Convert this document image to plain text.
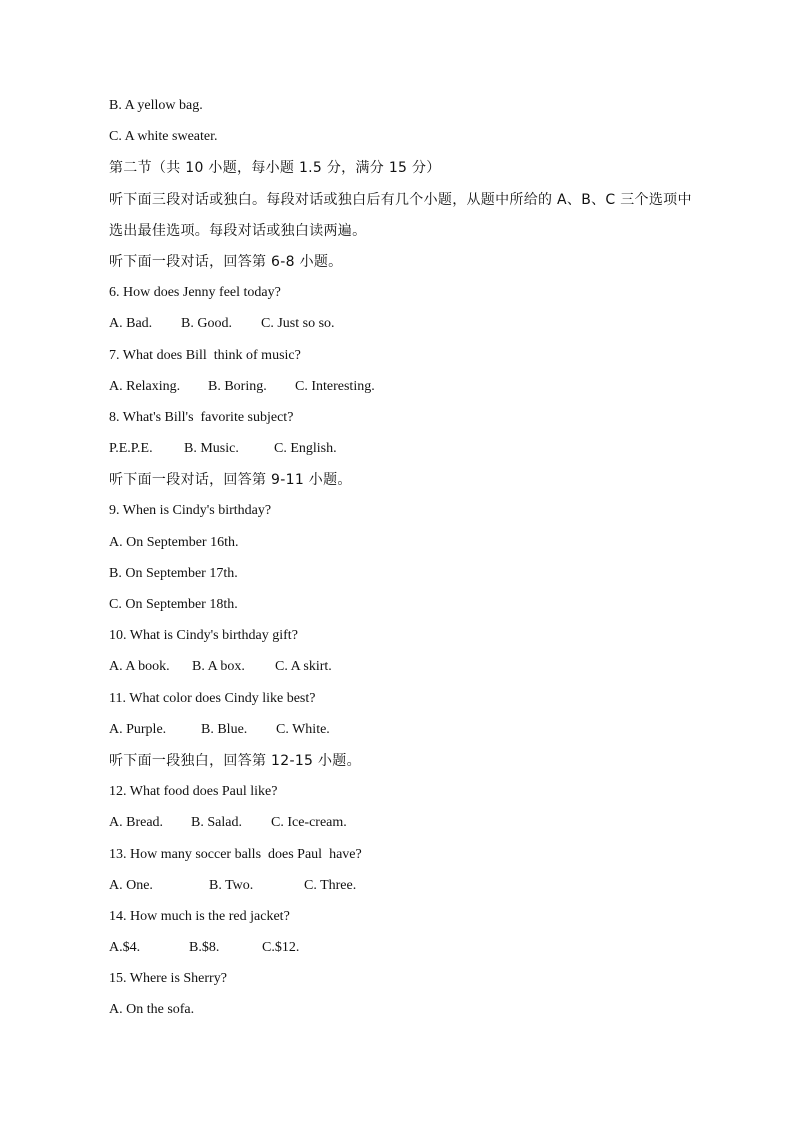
B. A yellow bag.
C. A white sweater.
第二节（共 10 小题，每小题 1.5 分，满分 15 分）
听下面三段对话或独白。每段对话或独白后有几个小题，从题中所给的 A、B、C 三个选项中
选出最佳选项。每段对话或独白读两遍。
听下面一段对话，回答第 6-8 小题。
6. How does Jenny feel today?
A. Bad.	B. Good.	C. Just so so.
7. What does Bill  think of music?
A. Relaxing.	B. Boring.	C. Interesting.
8. What's Bill's  favorite subject?
P.E.P.E.	B. Music.	C. English.
听下面一段对话，回答第 9-11 小题。
9. When is Cindy's birthday?
A. On September 16th.
B. On September 17th.
C. On September 18th.
10. What is Cindy's birthday gift?
A. A book.	B. A box.	C. A skirt.
11. What color does Cindy like best?
A. Purple.	B. Blue.	C. White.
听下面一段独白，回答第 12-15 小题。
12. What food does Paul like?
A. Bread.	B. Salad.	C. Ice-cream.
13. How many soccer balls  does Paul  have?
A. One.	B. Two.	C. Three.
14. How much is the red jacket?
A.$4.	B.$8.	C.$12.
15. Where is Sherry?
A. On the sofa.
